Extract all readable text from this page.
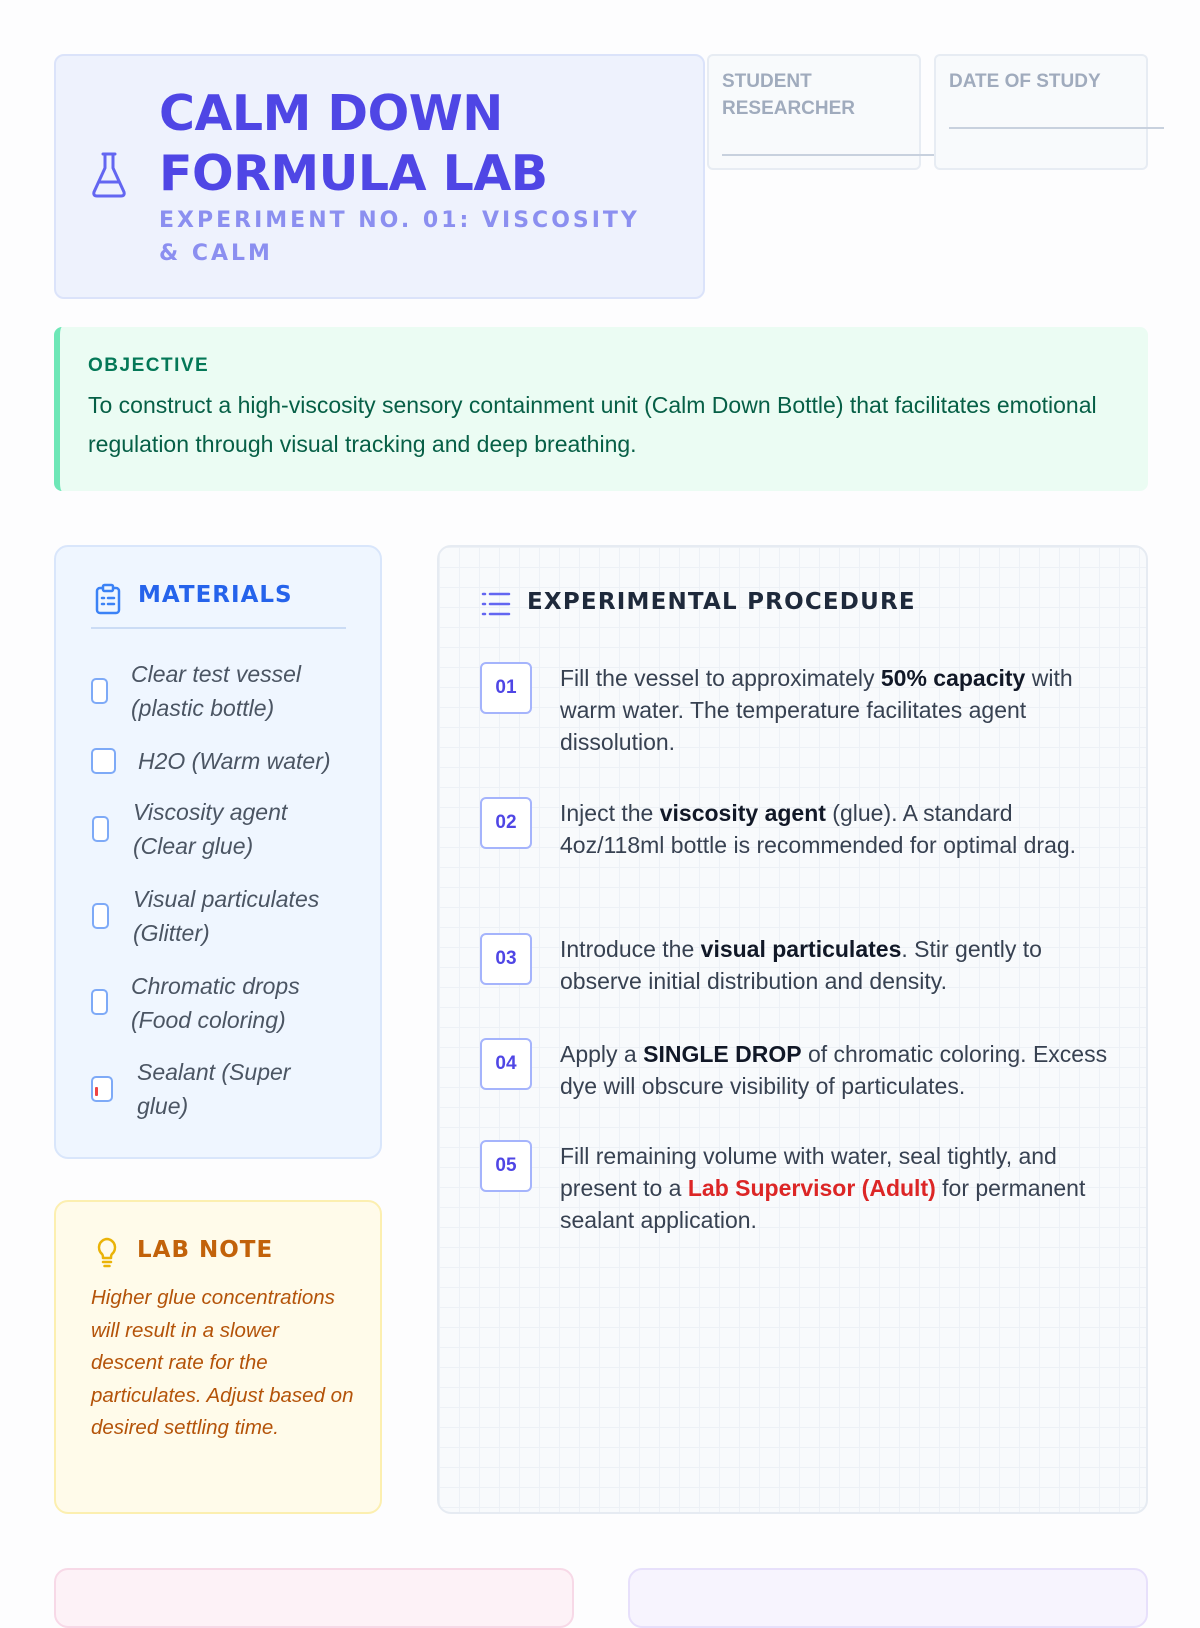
CALM DOWN FORMULA LAB
EXPERIMENT NO. 01: VISCOSITY & CALM
STUDENT RESEARCHER
DATE OF STUDY
OBJECTIVE
To construct a high-viscosity sensory containment unit (Calm Down Bottle) that facilitates emotional regulation through visual tracking and deep breathing.
MATERIALS
Clear test vessel (plastic bottle)
H2O (Warm water)
Viscosity agent (Clear glue)
Visual particulates (Glitter)
Chromatic drops (Food coloring)
Sealant (Super glue)
LAB NOTE
Higher glue concentrations will result in a slower descent rate for the particulates. Adjust based on desired settling time.
EXPERIMENTAL PROCEDURE
01	Fill the vessel to approximately 50% capacity with warm water. The temperature facilitates agent dissolution.
02	Inject the viscosity agent (glue). A standard 4oz/118ml bottle is recommended for optimal drag.
03	Introduce the visual particulates. Stir gently to observe initial distribution and density.
04	Apply a SINGLE DROP of chromatic coloring. Excess dye will obscure visibility of particulates.
05	Fill remaining volume with water, seal tightly, and present to a Lab Supervisor (Adult) for permanent sealant application.
